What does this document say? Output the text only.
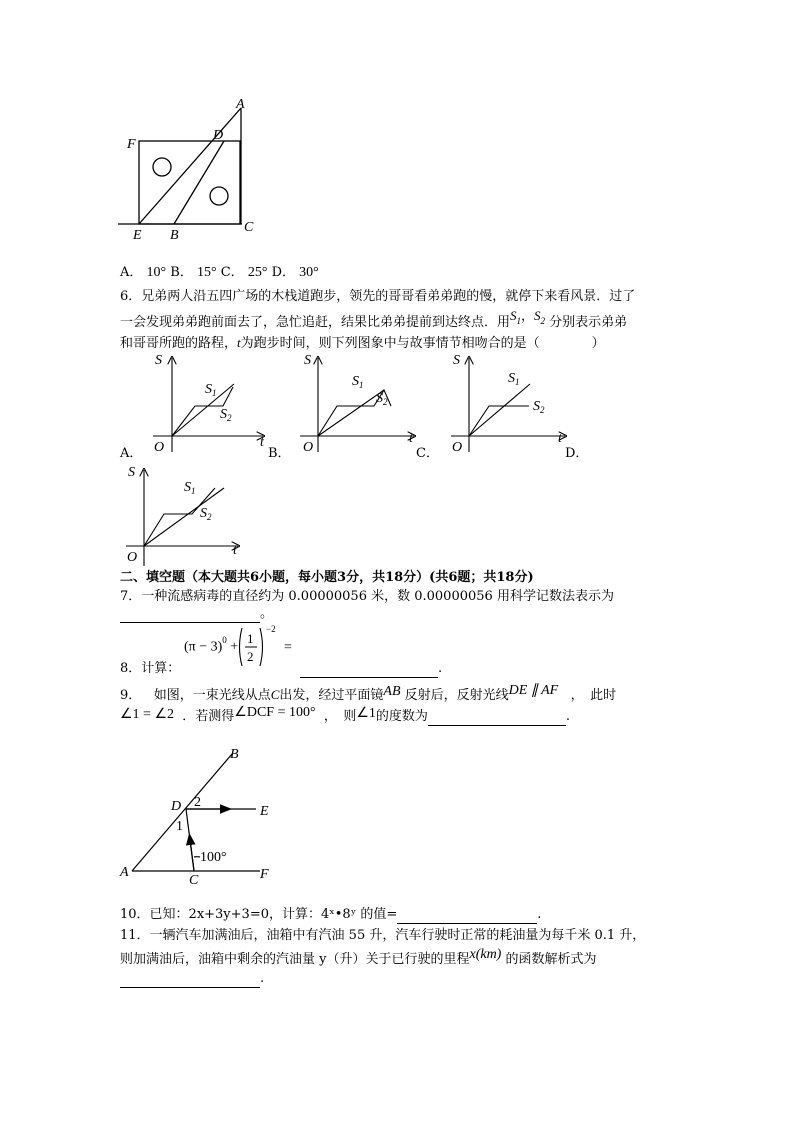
A
F
D
E B
C
A． 10° B． 15° C． 25° D． 30°
6．兄弟两人沿五四广场的木栈道跑步，领先的哥哥看弟弟跑的慢，就停下来看风景．过了
一会发现弟弟跑前面去了，急忙追赶，结果比弟弟提前到达终点．用$S_1$，$S_2$ 分别表示弟弟
和哥哥所跑的路程，t为跑步时间，则下列图象中与故事情节相吻合的是（　　　　）
S
t
O
$S_1$
$S_2$
A．
S
t
O
$S_1$
$S_2$
B．
S
t
O
$S_1$
$S_2$
C．	D．
S
t
O
$S_1$
$S_2$
二、填空题（本大题共6小题，每小题3分，共18分）(共6题；共18分)
7．一种流感病毒的直径约为 0.00000056 米，数 0.00000056 用科学记数法表示为
。
$(\pi - 3)^0$ +
1
2
−2
=
8．计算：	.
9． 如图，一束光线从点C出发，经过平面镜AB 反射后，反射光线DE ∥ AF ，　此时
∠1 = ∠2 ．若测得∠DCF = 100° ，　则∠1的度数为	.
B
D 2
E
1
100°
A
C	F
10．已知：2x+3y+3=0，计算：4ˣ•8ʸ 的值=	.
11．一辆汽车加满油后，油箱中有汽油 55 升，汽车行驶时正常的耗油量为每千米 0.1 升，
则加满油后，油箱中剩余的汽油量 y（升）关于已行驶的里程x(km) 的函数解析式为
.
